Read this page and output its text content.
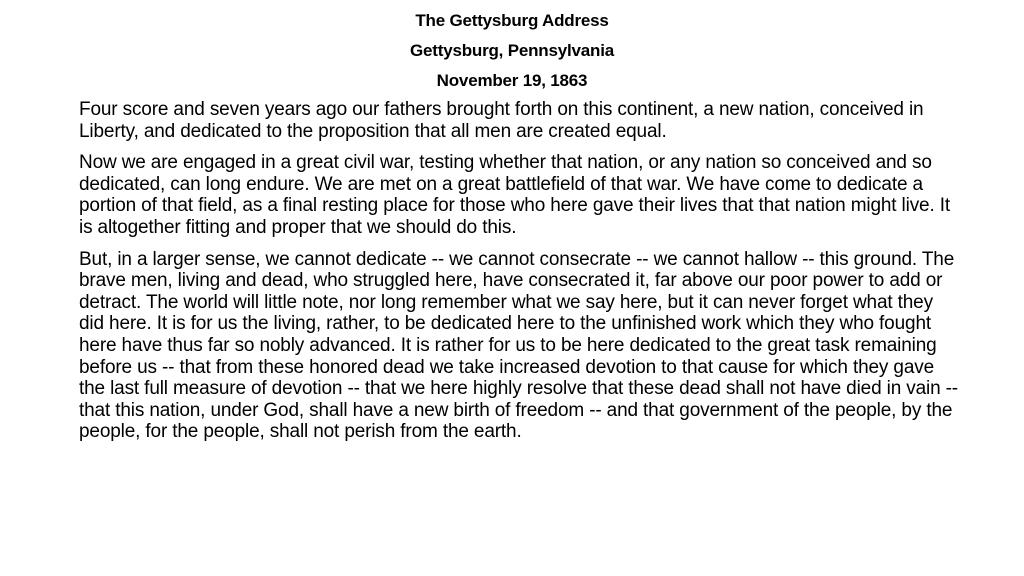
The Gettysburg Address
Gettysburg, Pennsylvania
November 19, 1863

Four score and seven years ago our fathers brought forth on this continent, a new nation, conceived in Liberty, and dedicated to the proposition that all men are created equal.

Now we are engaged in a great civil war, testing whether that nation, or any nation so conceived and so dedicated, can long endure. We are met on a great battlefield of that war. We have come to dedicate a portion of that field, as a final resting place for those who here gave their lives that that nation might live. It is altogether fitting and proper that we should do this.

But, in a larger sense, we cannot dedicate -- we cannot consecrate -- we cannot hallow -- this ground. The brave men, living and dead, who struggled here, have consecrated it, far above our poor power to add or detract. The world will little note, nor long remember what we say here, but it can never forget what they did here. It is for us the living, rather, to be dedicated here to the unfinished work which they who fought here have thus far so nobly advanced. It is rather for us to be here dedicated to the great task remaining before us -- that from these honored dead we take increased devotion to that cause for which they gave the last full measure of devotion -- that we here highly resolve that these dead shall not have died in vain -- that this nation, under God, shall have a new birth of freedom -- and that government of the people, by the people, for the people, shall not perish from the earth.
